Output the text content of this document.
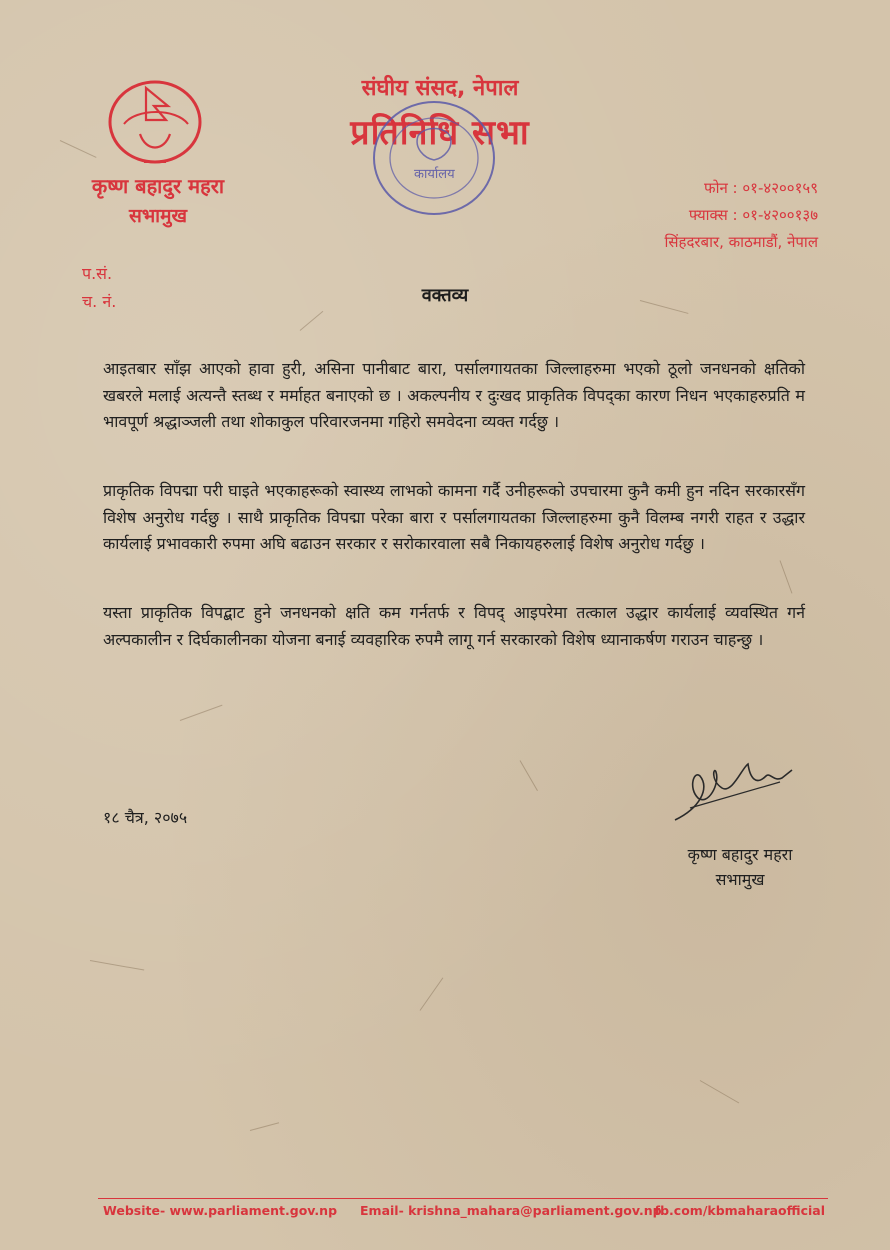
कृष्ण बहादुर महरा
सभामुख
संघीय संसद, नेपाल
प्रतिनिधि सभा
कार्यालय
फोन : ०१-४२००१५९
फ्याक्स : ०१-४२००१३७
सिंहदरबार, काठमाडौं, नेपाल
प.सं.
च. नं.	वक्तव्य
आइतबार साँझ आएको हावा हुरी, असिना पानीबाट बारा, पर्सालगायतका जिल्लाहरुमा भएको ठूलो जनधनको क्षतिको खबरले मलाई अत्यन्तै स्तब्ध र मर्माहत बनाएको छ । अकल्पनीय र दुःखद प्राकृतिक विपद्का कारण निधन भएकाहरुप्रति म भावपूर्ण श्रद्धाञ्जली तथा शोकाकुल परिवारजनमा गहिरो समवेदना व्यक्त गर्दछु ।
प्राकृतिक विपद्मा परी घाइते भएकाहरूको स्वास्थ्य लाभको कामना गर्दै उनीहरूको उपचारमा कुनै कमी हुन नदिन सरकारसँग विशेष अनुरोध गर्दछु । साथै प्राकृतिक विपद्मा परेका बारा र पर्सालगायतका जिल्लाहरुमा कुनै विलम्ब नगरी राहत र उद्धार कार्यलाई प्रभावकारी रुपमा अघि बढाउन सरकार र सरोकारवाला सबै निकायहरुलाई विशेष अनुरोध गर्दछु ।
यस्ता प्राकृतिक विपद्बाट हुने जनधनको क्षति कम गर्नतर्फ र विपद् आइपरेमा तत्काल उद्धार कार्यलाई व्यवस्थित गर्न अल्पकालीन र दिर्घकालीनका योजना बनाई व्यवहारिक रुपमै लागू गर्न सरकारको विशेष ध्यानाकर्षण गराउन चाहन्छु ।
१८ चैत्र, २०७५
कृष्ण बहादुर महरा
सभामुख
Website- www.parliament.gov.np Email- krishna_mahara@parliament.gov.np
fb.com/kbmaharaofficial
